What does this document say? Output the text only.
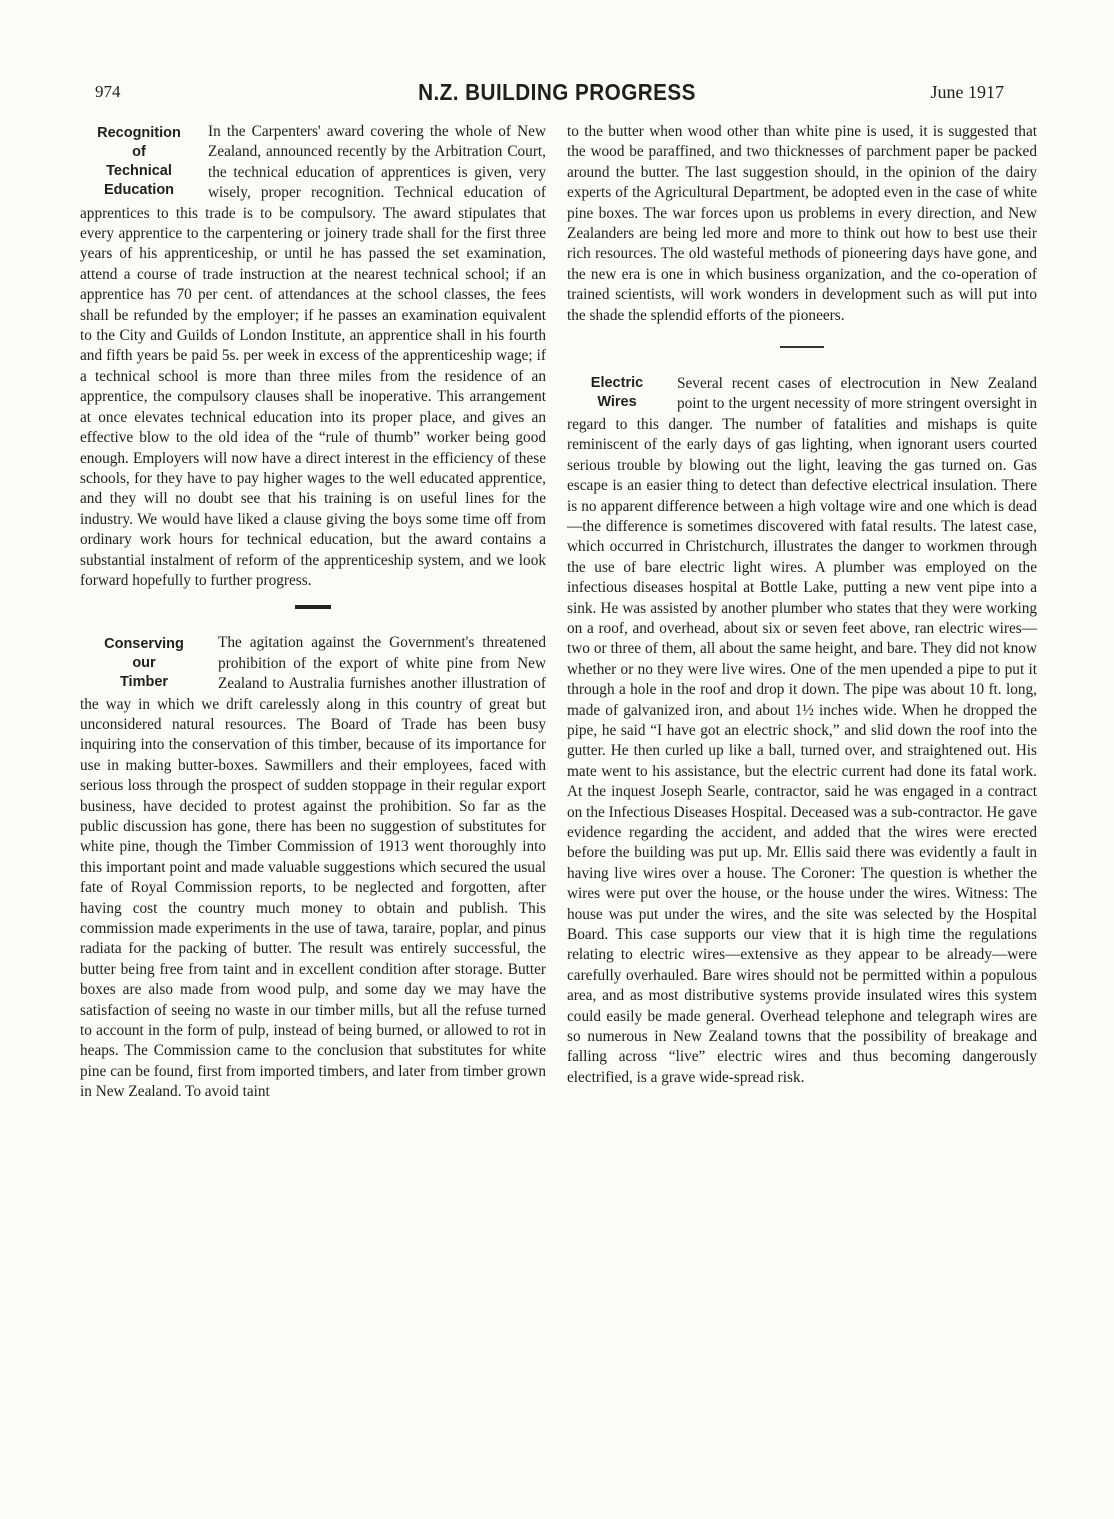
974	N.Z. BUILDING PROGRESS	June 1917
Recognition
of
Technical
Education

In the Carpenters' award covering the whole of New Zealand, announced recently by the Arbitration Court, the technical education of apprentices is given, very wisely, proper recognition. Technical education of apprentices to this trade is to be compulsory. The award stipulates that every apprentice to the carpentering or joinery trade shall for the first three years of his apprenticeship, or until he has passed the set examination, attend a course of trade instruction at the nearest technical school; if an apprentice has 70 per cent. of attendances at the school classes, the fees shall be refunded by the employer; if he passes an examination equivalent to the City and Guilds of London Institute, an apprentice shall in his fourth and fifth years be paid 5s. per week in excess of the apprenticeship wage; if a technical school is more than three miles from the residence of an apprentice, the compulsory clauses shall be inoperative. This arrangement at once elevates technical education into its proper place, and gives an effective blow to the old idea of the “rule of thumb” worker being good enough. Employers will now have a direct interest in the efficiency of these schools, for they have to pay higher wages to the well educated apprentice, and they will no doubt see that his training is on useful lines for the industry. We would have liked a clause giving the boys some time off from ordinary work hours for technical education, but the award contains a substantial instalment of reform of the apprenticeship system, and we look forward hopefully to further progress.

Conserving
our
Timber

The agitation against the Government's threatened prohibition of the export of white pine from New Zealand to Australia furnishes another illustration of the way in which we drift carelessly along in this country of great but unconsidered natural resources. The Board of Trade has been busy inquiring into the conservation of this timber, because of its importance for use in making butter-boxes. Sawmillers and their employees, faced with serious loss through the prospect of sudden stoppage in their regular export business, have decided to protest against the prohibition. So far as the public discussion has gone, there has been no suggestion of substitutes for white pine, though the Timber Commission of 1913 went thoroughly into this important point and made valuable suggestions which secured the usual fate of Royal Commission reports, to be neglected and forgotten, after having cost the country much money to obtain and publish. This commission made experiments in the use of tawa, taraire, poplar, and pinus radiata for the packing of butter. The result was entirely successful, the butter being free from taint and in excellent condition after storage. Butter boxes are also made from wood pulp, and some day we may have the satisfaction of seeing no waste in our timber mills, but all the refuse turned to account in the form of pulp, instead of being burned, or allowed to rot in heaps. The Commission came to the conclusion that substitutes for white pine can be found, first from imported timbers, and later from timber grown in New Zealand. To avoid taint

to the butter when wood other than white pine is used, it is suggested that the wood be paraffined, and two thicknesses of parchment paper be packed around the butter. The last suggestion should, in the opinion of the dairy experts of the Agricultural Department, be adopted even in the case of white pine boxes. The war forces upon us problems in every direction, and New Zealanders are being led more and more to think out how to best use their rich resources. The old wasteful methods of pioneering days have gone, and the new era is one in which business organization, and the co-operation of trained scientists, will work wonders in development such as will put into the shade the splendid efforts of the pioneers.

Electric
Wires

Several recent cases of electrocution in New Zealand point to the urgent necessity of more stringent oversight in regard to this danger. The number of fatalities and mishaps is quite reminiscent of the early days of gas lighting, when ignorant users courted serious trouble by blowing out the light, leaving the gas turned on. Gas escape is an easier thing to detect than defective electrical insulation. There is no apparent difference between a high voltage wire and one which is dead—the difference is sometimes discovered with fatal results. The latest case, which occurred in Christchurch, illustrates the danger to workmen through the use of bare electric light wires. A plumber was employed on the infectious diseases hospital at Bottle Lake, putting a new vent pipe into a sink. He was assisted by another plumber who states that they were working on a roof, and overhead, about six or seven feet above, ran electric wires—two or three of them, all about the same height, and bare. They did not know whether or no they were live wires. One of the men upended a pipe to put it through a hole in the roof and drop it down. The pipe was about 10 ft. long, made of galvanized iron, and about 1½ inches wide. When he dropped the pipe, he said “I have got an electric shock,” and slid down the roof into the gutter. He then curled up like a ball, turned over, and straightened out. His mate went to his assistance, but the electric current had done its fatal work. At the inquest Joseph Searle, contractor, said he was engaged in a contract on the Infectious Diseases Hospital. Deceased was a sub-contractor. He gave evidence regarding the accident, and added that the wires were erected before the building was put up. Mr. Ellis said there was evidently a fault in having live wires over a house. The Coroner: The question is whether the wires were put over the house, or the house under the wires. Witness: The house was put under the wires, and the site was selected by the Hospital Board. This case supports our view that it is high time the regulations relating to electric wires—extensive as they appear to be already—were carefully overhauled. Bare wires should not be permitted within a populous area, and as most distributive systems provide insulated wires this system could easily be made general. Overhead telephone and telegraph wires are so numerous in New Zealand towns that the possibility of breakage and falling across “live” electric wires and thus becoming dangerously electrified, is a grave wide-spread risk.
